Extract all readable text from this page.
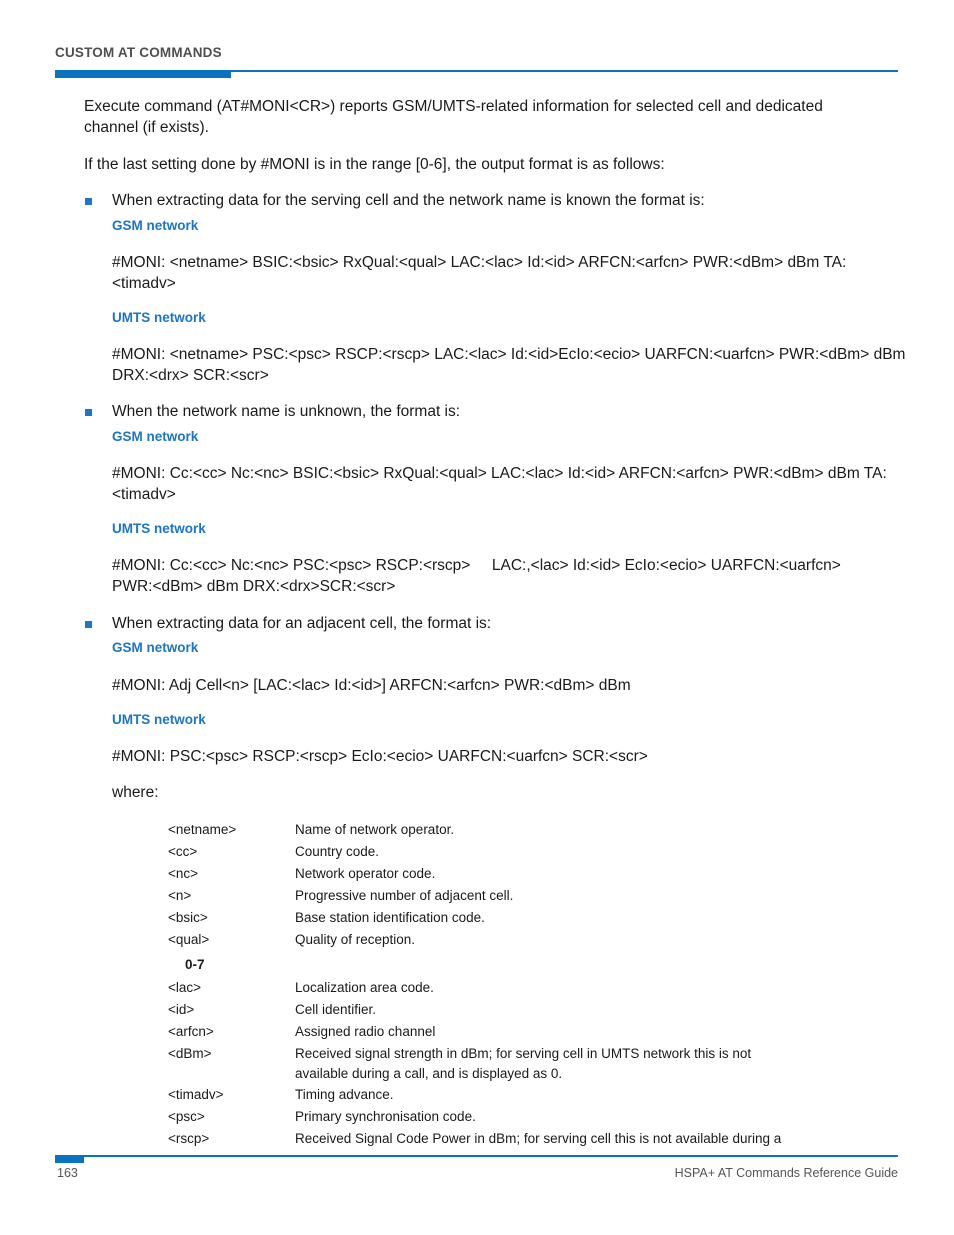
CUSTOM AT COMMANDS
Execute command (AT#MONI<CR>) reports GSM/UMTS-related information for selected cell and dedicated
channel (if exists).
If the last setting done by #MONI is in the range [0-6], the output format is as follows:
When extracting data for the serving cell and the network name is known the format is:
GSM network
#MONI: <netname> BSIC:<bsic> RxQual:<qual> LAC:<lac> Id:<id> ARFCN:<arfcn> PWR:<dBm> dBm TA:
<timadv>
UMTS network
#MONI: <netname> PSC:<psc> RSCP:<rscp> LAC:<lac> Id:<id>EcIo:<ecio> UARFCN:<uarfcn> PWR:<dBm> dBm
DRX:<drx> SCR:<scr>
When the network name is unknown, the format is:
GSM network
#MONI: Cc:<cc> Nc:<nc> BSIC:<bsic> RxQual:<qual> LAC:<lac> Id:<id> ARFCN:<arfcn> PWR:<dBm> dBm TA:
<timadv>
UMTS network
#MONI: Cc:<cc> Nc:<nc> PSC:<psc> RSCP:<rscp>     LAC:,<lac> Id:<id> EcIo:<ecio> UARFCN:<uarfcn>
PWR:<dBm> dBm DRX:<drx>SCR:<scr>
When extracting data for an adjacent cell, the format is:
GSM network
#MONI: Adj Cell<n> [LAC:<lac> Id:<id>] ARFCN:<arfcn> PWR:<dBm> dBm
UMTS network
#MONI: PSC:<psc> RSCP:<rscp> EcIo:<ecio> UARFCN:<uarfcn> SCR:<scr>
where:
<netname>	Name of network operator.
<cc>	Country code.
<nc>	Network operator code.
<n>	Progressive number of adjacent cell.
<bsic>	Base station identification code.
<qual>	Quality of reception.
0-7
<lac>	Localization area code.
<id>	Cell identifier.
<arfcn>	Assigned radio channel
<dBm>	Received signal strength in dBm; for serving cell in UMTS network this is not
available during a call, and is displayed as 0.
<timadv>	Timing advance.
<psc>	Primary synchronisation code.
<rscp>	Received Signal Code Power in dBm; for serving cell this is not available during a
163	HSPA+ AT Commands Reference Guide
